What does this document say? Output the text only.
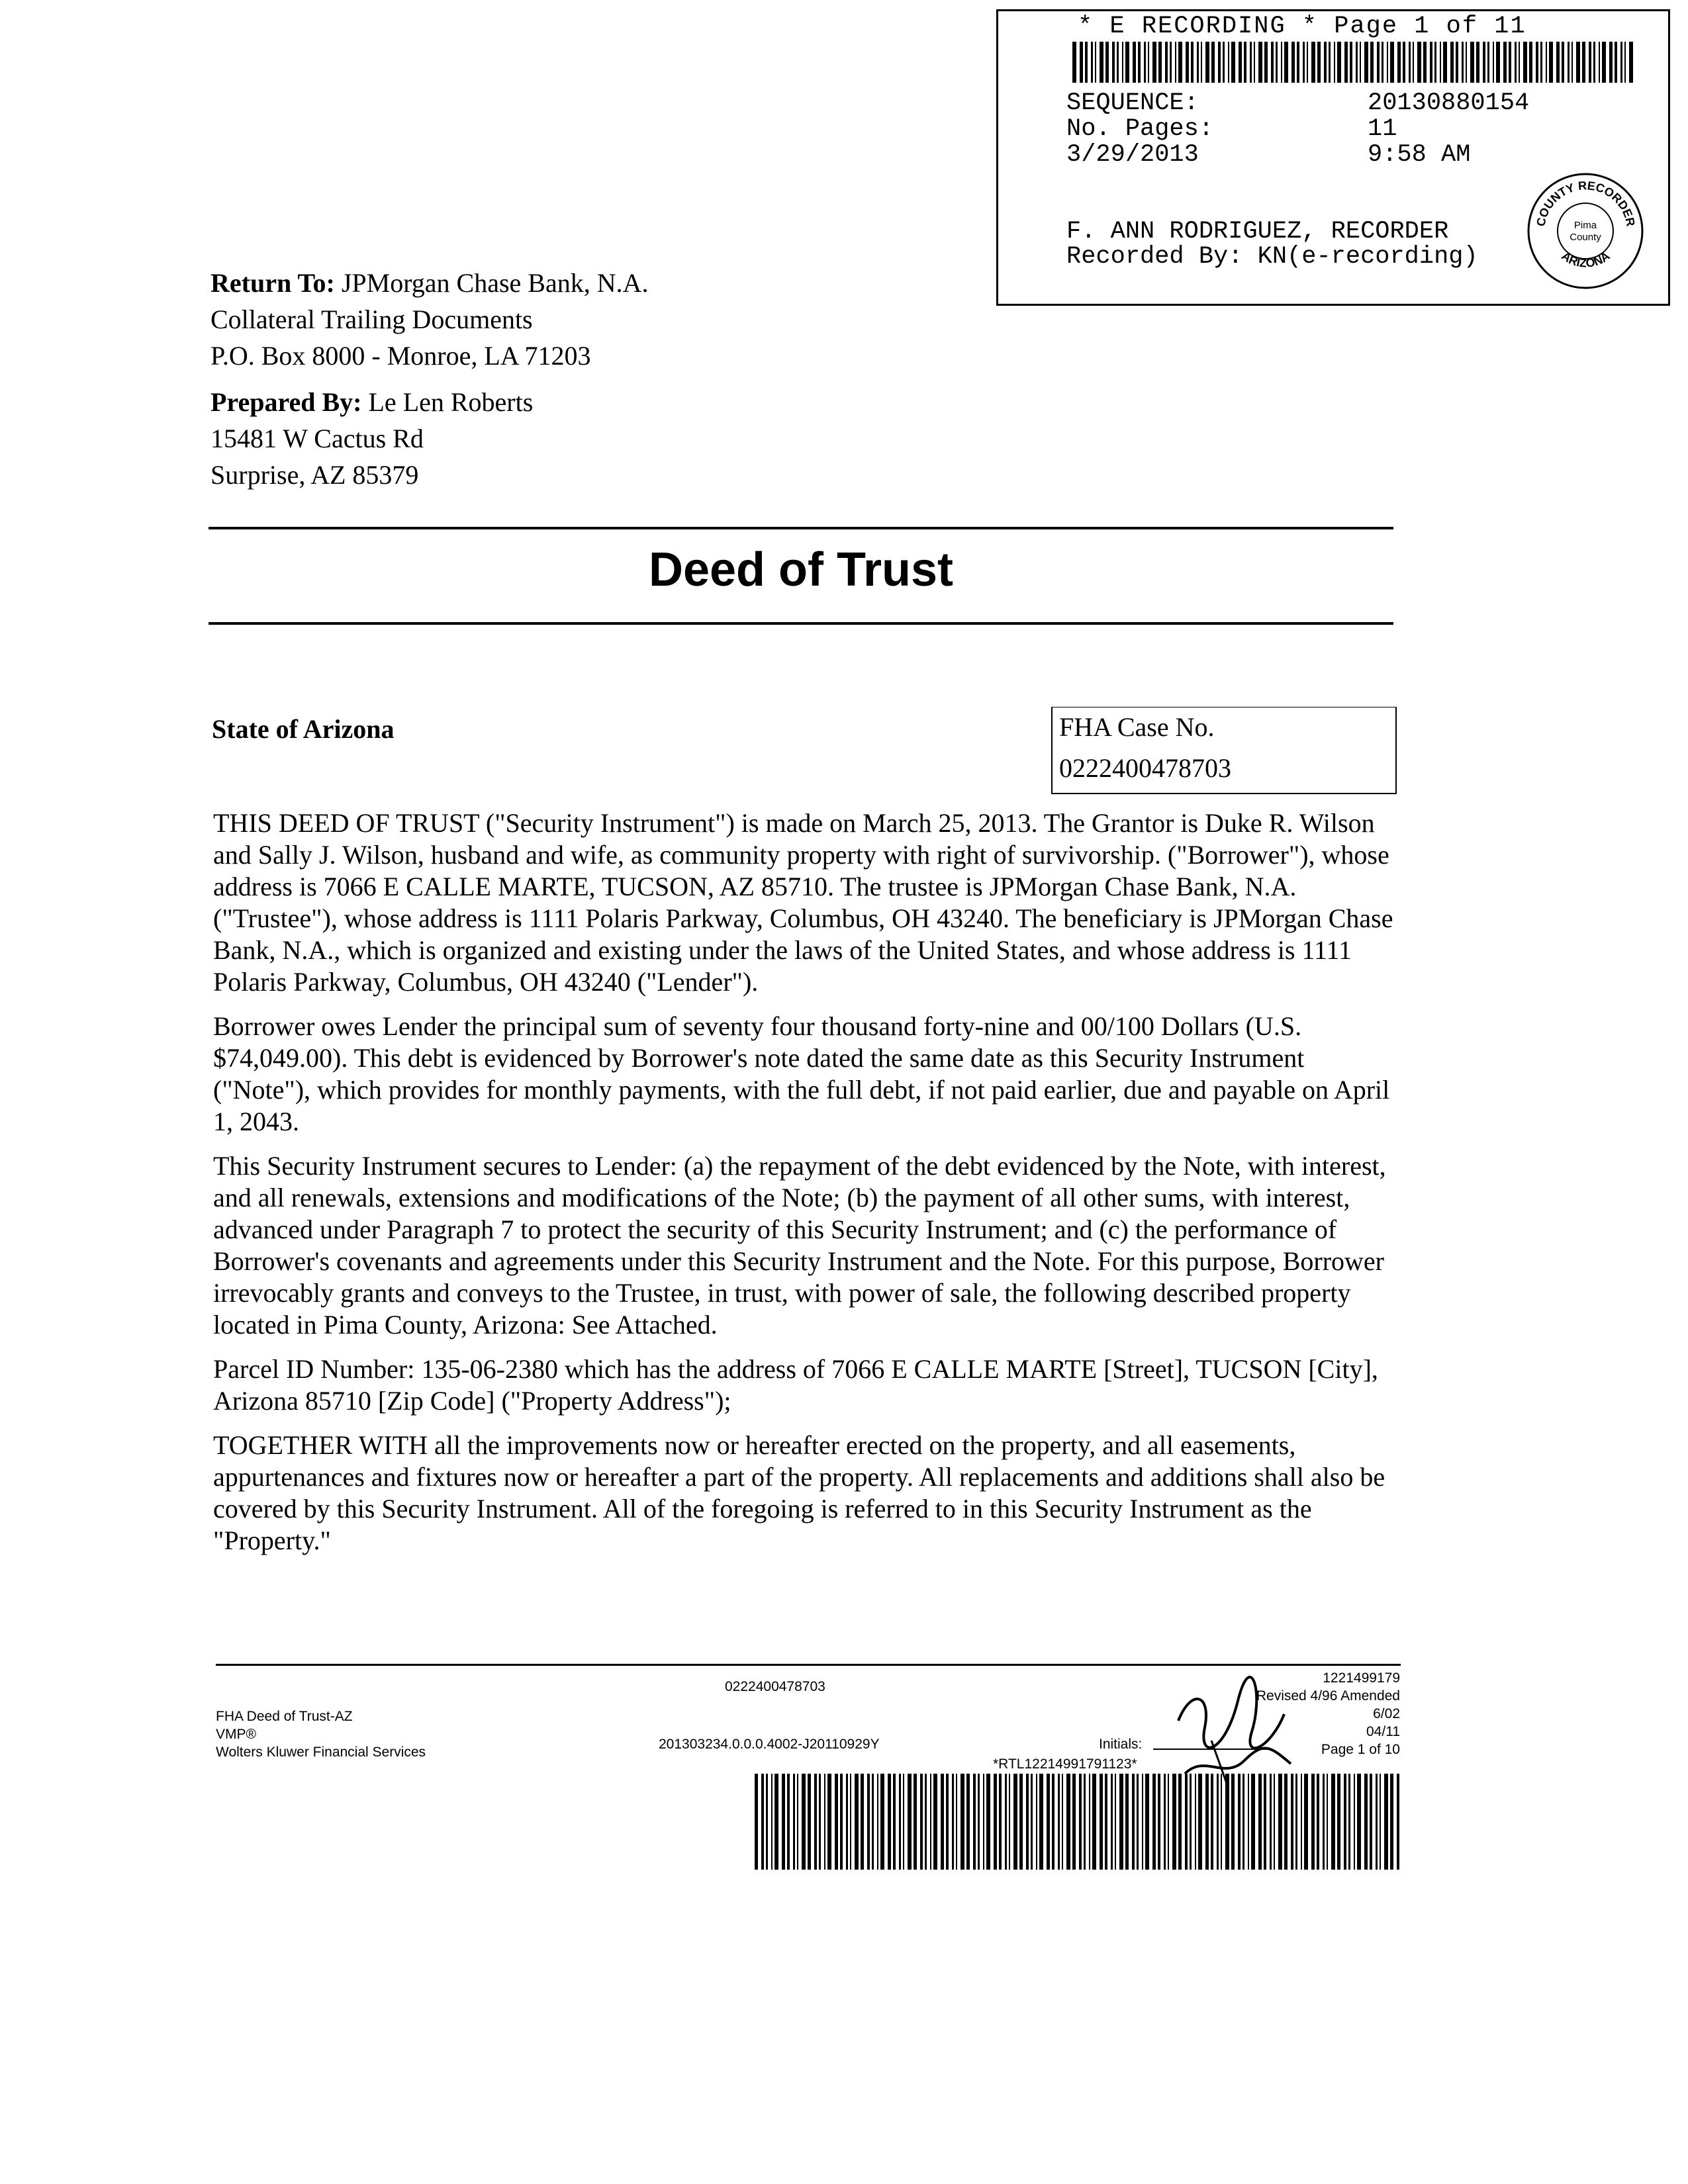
* E RECORDING * Page 1 of 11
SEQUENCE:	20130880154
No. Pages:	11
3/29/2013	9:58 AM
F. ANN RODRIGUEZ, RECORDER
Recorded By: KN(e-recording)
COUNTY RECORDER
ARIZONA
Pima
County
Return To: JPMorgan Chase Bank, N.A.
Collateral Trailing Documents
P.O. Box 8000 - Monroe, LA 71203
Prepared By: Le Len Roberts
15481 W Cactus Rd
Surprise, AZ 85379
Deed of Trust
State of Arizona	FHA Case No.
0222400478703

THIS DEED OF TRUST ("Security Instrument") is made on March 25, 2013. The Grantor is Duke R. Wilson and Sally J. Wilson, husband and wife, as community property with right of survivorship. ("Borrower"), whose address is 7066 E CALLE MARTE, TUCSON, AZ 85710. The trustee is JPMorgan Chase Bank, N.A. ("Trustee"), whose address is 1111 Polaris Parkway, Columbus, OH 43240. The beneficiary is JPMorgan Chase Bank, N.A., which is organized and existing under the laws of the United States, and whose address is 1111 Polaris Parkway, Columbus, OH 43240 ("Lender").

Borrower owes Lender the principal sum of seventy four thousand forty-nine and 00/100 Dollars (U.S. $74,049.00). This debt is evidenced by Borrower's note dated the same date as this Security Instrument ("Note"), which provides for monthly payments, with the full debt, if not paid earlier, due and payable on April 1, 2043.

This Security Instrument secures to Lender: (a) the repayment of the debt evidenced by the Note, with interest, and all renewals, extensions and modifications of the Note; (b) the payment of all other sums, with interest, advanced under Paragraph 7 to protect the security of this Security Instrument; and (c) the performance of Borrower's covenants and agreements under this Security Instrument and the Note. For this purpose, Borrower irrevocably grants and conveys to the Trustee, in trust, with power of sale, the following described property located in Pima County, Arizona: See Attached.

Parcel ID Number: 135-06-2380 which has the address of 7066 E CALLE MARTE [Street], TUCSON [City], Arizona 85710 [Zip Code] ("Property Address");

TOGETHER WITH all the improvements now or hereafter erected on the property, and all easements, appurtenances and fixtures now or hereafter a part of the property. All replacements and additions shall also be covered by this Security Instrument. All of the foregoing is referred to in this Security Instrument as the "Property."

FHA Deed of Trust-AZ
VMP®
Wolters Kluwer Financial Services
0222400478703
201303234.0.0.0.4002-J20110929Y
1221499179
Revised 4/96 Amended 6/02
04/11
Page 1 of 10
Initials:
*RTL12214991791123*
